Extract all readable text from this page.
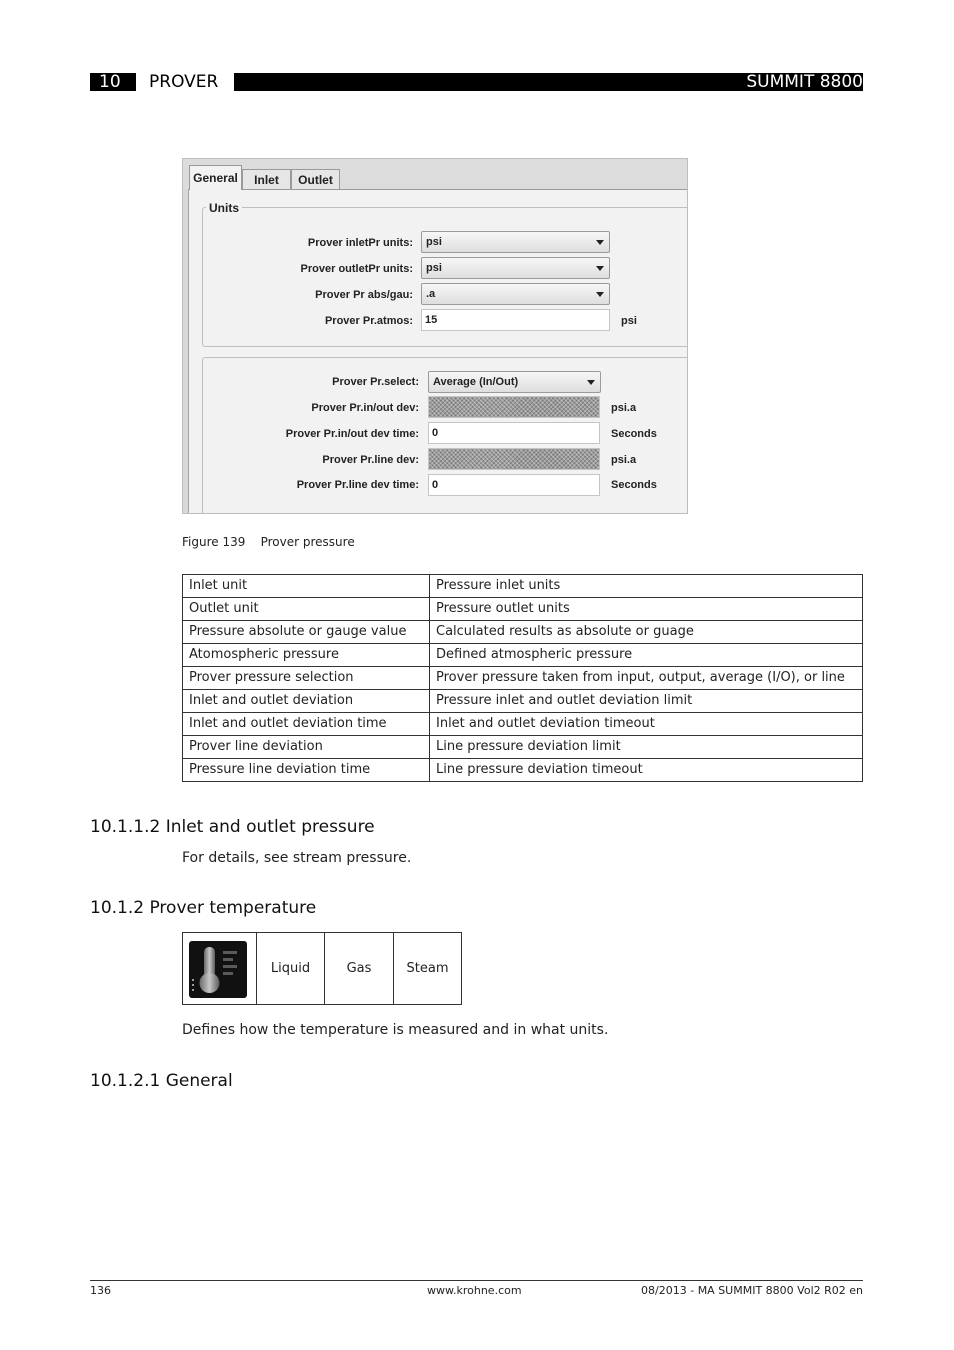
10 PROVER	SUMMIT 8800
General	Inlet	Outlet
Units
Prover inletPr units:	psi
Prover outletPr units:	psi
Prover Pr abs/gau:	.a
Prover Pr.atmos:	15	psi
Prover Pr.select:	Average (In/Out)
Prover Pr.in/out dev:	psi.a
Prover Pr.in/out dev time:	0	Seconds
Prover Pr.line dev:	psi.a
Prover Pr.line dev time:	0	Seconds
Figure 139    Prover pressure
Inlet unit	Pressure inlet units
Outlet unit	Pressure outlet units
Pressure absolute or gauge value	Calculated results as absolute or guage
Atomospheric pressure	Defined atmospheric pressure
Prover pressure selection	Prover pressure taken from input, output, average (I/O), or line
Inlet and outlet deviation	Pressure inlet and outlet deviation limit
Inlet and outlet deviation time	Inlet and outlet deviation timeout
Prover line deviation	Line pressure deviation limit
Pressure line deviation time	Line pressure deviation timeout
10.1.1.2 Inlet and outlet pressure
For details, see stream pressure.
10.1.2 Prover temperature
Liquid	Gas	Steam
Defines how the temperature is measured and in what units.
10.1.2.1 General
136	www.krohne.com	08/2013 - MA SUMMIT 8800 Vol2 R02 en
